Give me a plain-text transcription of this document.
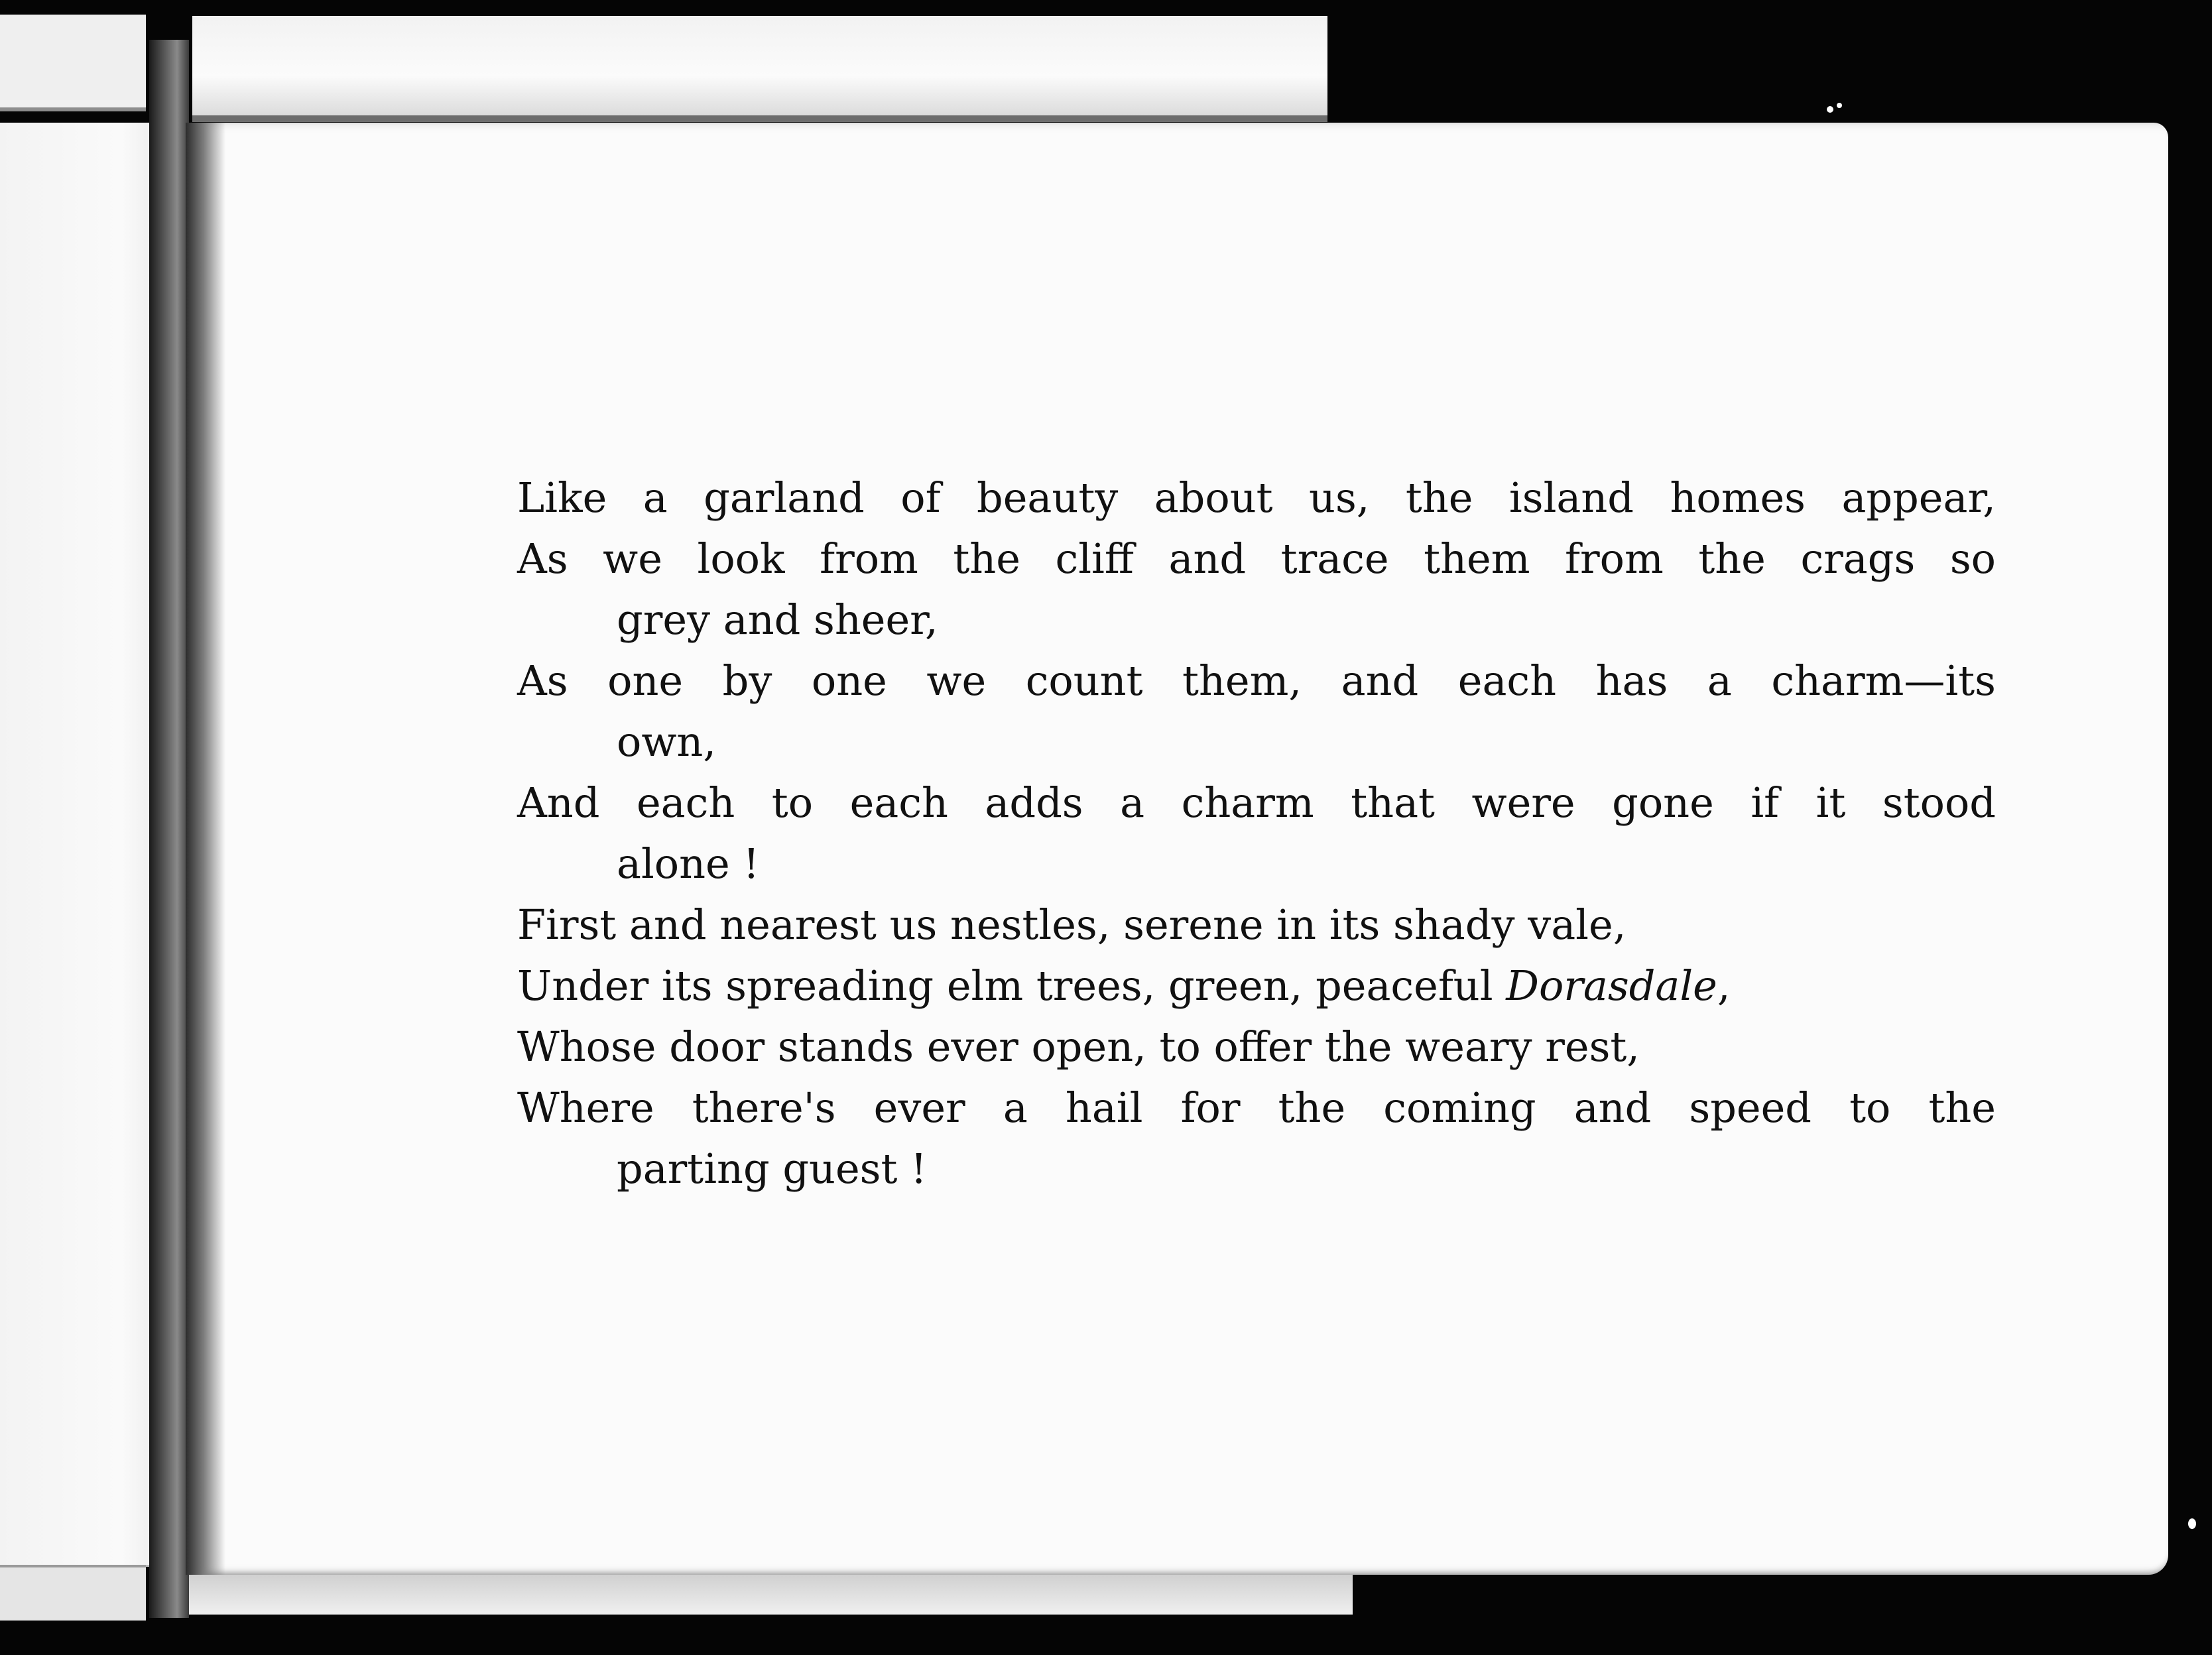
Like a garland of beauty about us, the island homes appear,
As we look from the cliff and trace them from the crags so
grey and sheer,
As one by one we count them, and each has a charm—its
own,
And each to each adds a charm that were gone if it stood
alone !
First and nearest us nestles, serene in its shady vale,
Under its spreading elm trees, green, peaceful Dorasdale,
Whose door stands ever open, to offer the weary rest,
Where there's ever a hail for the coming and speed to the
parting guest !
